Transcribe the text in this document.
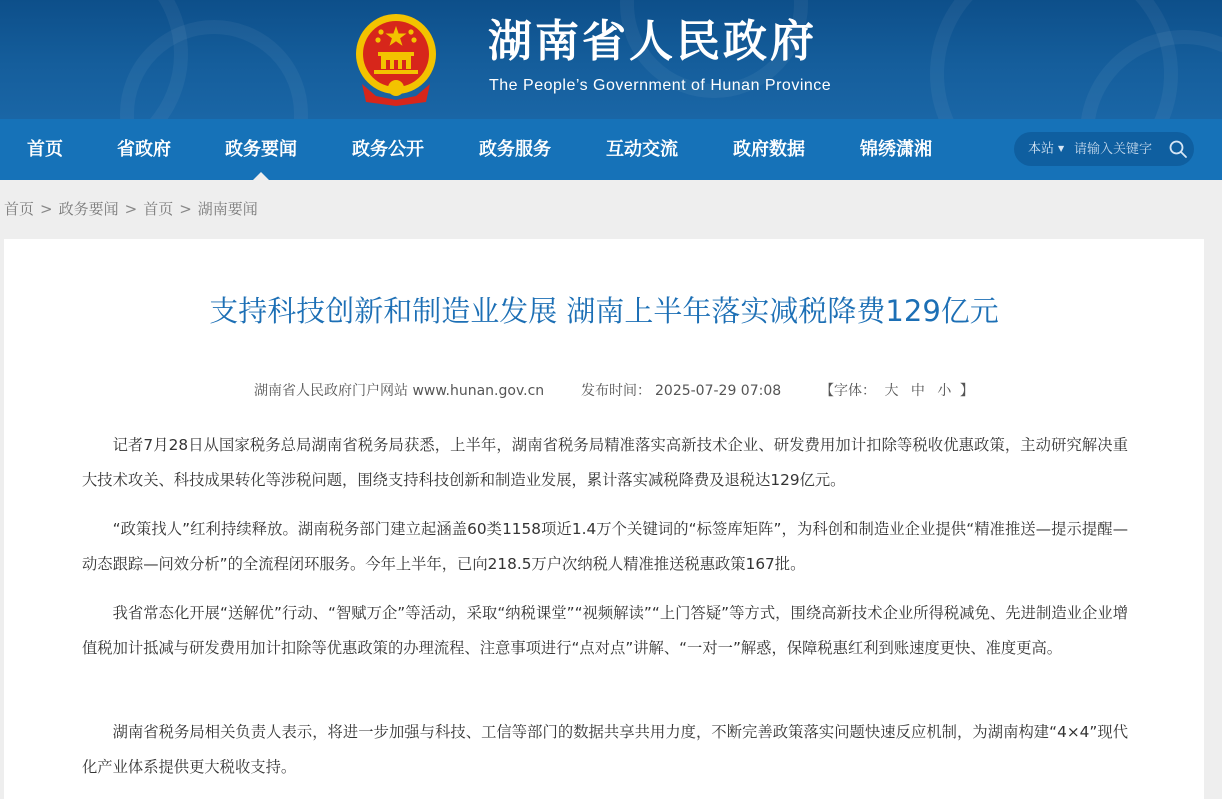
湖南省人民政府
The People’s Government of Hunan Province
首页	省政府	政务要闻	政务公开	政务服务	互动交流	政府数据	锦绣潇湘	本站 ▼
请输入关键字
首页 > 政务要闻 > 首页 > 湖南要闻
支持科技创新和制造业发展 湖南上半年落实减税降费129亿元
湖南省人民政府门户网站 www.hunan.gov.cn	发布时间： 2025-07-29 07:08	【字体： 大 中 小 】

记者7月28日从国家税务总局湖南省税务局获悉，上半年，湖南省税务局精准落实高新技术企业、研发费用加计扣除等税收优惠政策，主动研究解决重大技术攻关、科技成果转化等涉税问题，围绕支持科技创新和制造业发展，累计落实减税降费及退税达129亿元。

“政策找人”红利持续释放。湖南税务部门建立起涵盖60类1158项近1.4万个关键词的“标签库矩阵”，为科创和制造业企业提供“精准推送—提示提醒—动态跟踪—问效分析”的全流程闭环服务。今年上半年，已向218.5万户次纳税人精准推送税惠政策167批。

我省常态化开展“送解优”行动、“智赋万企”等活动，采取“纳税课堂”“视频解读”“上门答疑”等方式，围绕高新技术企业所得税减免、先进制造业企业增值税加计抵减与研发费用加计扣除等优惠政策的办理流程、注意事项进行“点对点”讲解、“一对一”解惑，保障税惠红利到账速度更快、准度更高。

湖南省税务局相关负责人表示，将进一步加强与科技、工信等部门的数据共享共用力度，不断完善政策落实问题快速反应机制，为湖南构建“4×4”现代化产业体系提供更大税收支持。
